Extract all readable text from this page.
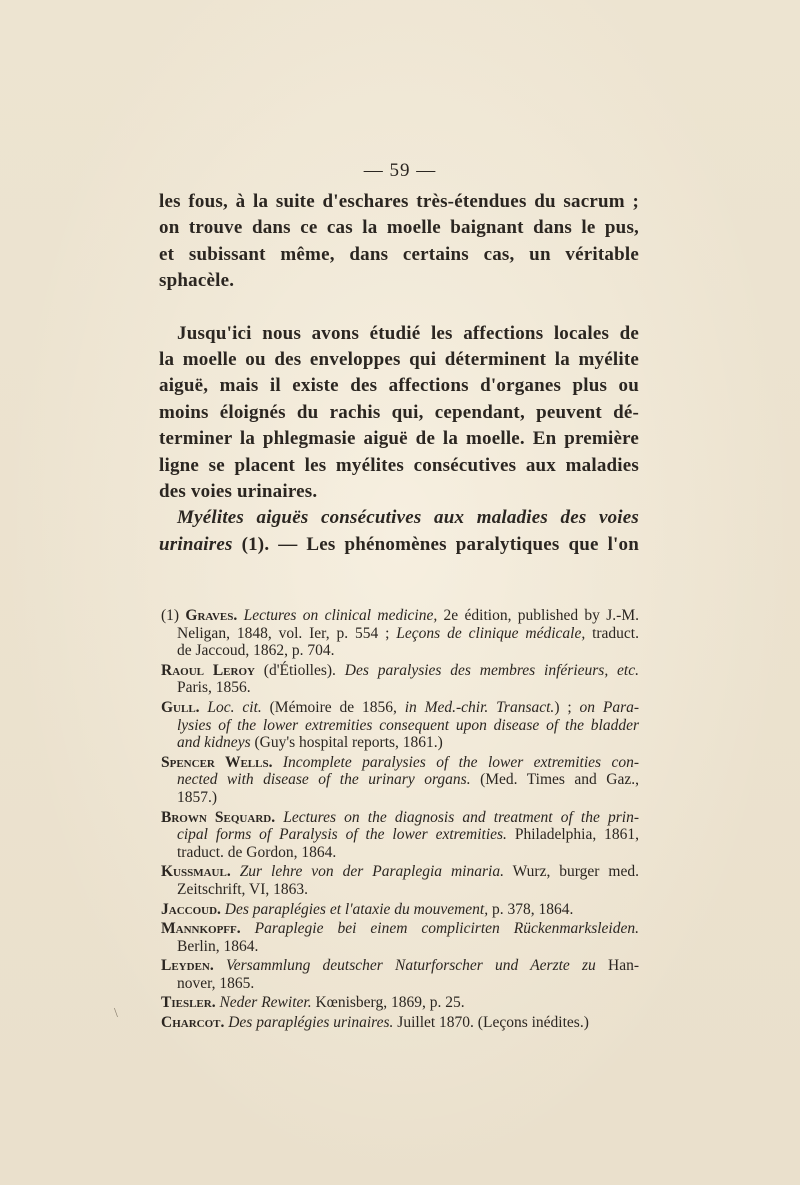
— 59 —

les fous, à la suite d'eschares très-étendues du sacrum ;

on trouve dans ce cas la moelle baignant dans le pus,

et subissant même, dans certains cas, un véritable

sphacèle.

Jusqu'ici nous avons étudié les affections locales de

la moelle ou des enveloppes qui déterminent la myélite

aiguë, mais il existe des affections d'organes plus ou

moins éloignés du rachis qui, cependant, peuvent dé-

terminer la phlegmasie aiguë de la moelle. En première

ligne se placent les myélites consécutives aux maladies

des voies urinaires.

Myélites aiguës consécutives aux maladies des voies

urinaires (1). — Les phénomènes paralytiques que l'on

(1) Graves. Lectures on clinical medicine, 2e édition, published by J.-M.
Neligan, 1848, vol. Ier, p. 554 ; Leçons de clinique médicale, traduct.
de Jaccoud, 1862, p. 704.
Raoul Leroy (d'Étiolles). Des paralysies des membres inférieurs, etc.
Paris, 1856.
Gull. Loc. cit. (Mémoire de 1856, in Med.-chir. Transact.) ; on Para-
lysies of the lower extremities consequent upon disease of the bladder
and kidneys (Guy's hospital reports, 1861.)
Spencer Wells. Incomplete paralysies of the lower extremities con-
nected with disease of the urinary organs. (Med. Times and Gaz.,
1857.)
Brown Sequard. Lectures on the diagnosis and treatment of the prin-
cipal forms of Paralysis of the lower extremities. Philadelphia, 1861,
traduct. de Gordon, 1864.
Kussmaul. Zur lehre von der Paraplegia minaria. Wurz, burger med.
Zeitschrift, VI, 1863.
Jaccoud. Des paraplégies et l'ataxie du mouvement, p. 378, 1864.
Mannkopff. Paraplegie bei einem complicirten Rückenmarksleiden.
Berlin, 1864.
Leyden. Versammlung deutscher Naturforscher und Aerzte zu Han-
nover, 1865.
Tiesler. Neder Rewiter. Kœnisberg, 1869, p. 25.
Charcot. Des paraplégies urinaires. Juillet 1870. (Leçons inédites.)
\
